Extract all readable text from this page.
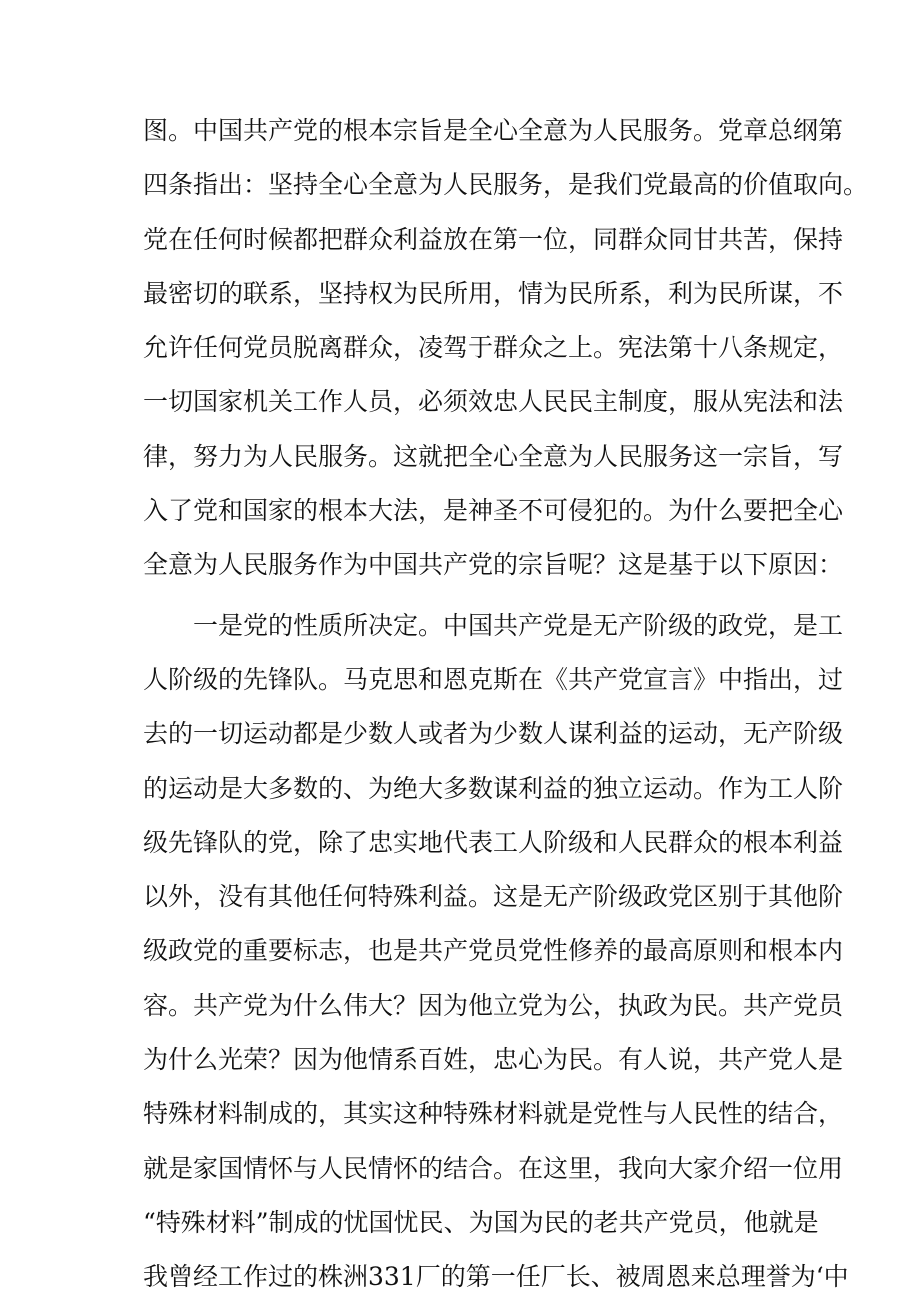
图。中国共产党的根本宗旨是全心全意为人民服务。党章总纲第
四条指出：坚持全心全意为人民服务，是我们党最高的价值取向。
党在任何时候都把群众利益放在第一位，同群众同甘共苦，保持
最密切的联系，坚持权为民所用，情为民所系，利为民所谋，不
允许任何党员脱离群众，凌驾于群众之上。宪法第十八条规定，
一切国家机关工作人员，必须效忠人民民主制度，服从宪法和法
律，努力为人民服务。这就把全心全意为人民服务这一宗旨，写
入了党和国家的根本大法，是神圣不可侵犯的。为什么要把全心
全意为人民服务作为中国共产党的宗旨呢？这是基于以下原因：
　　一是党的性质所决定。中国共产党是无产阶级的政党，是工
人阶级的先锋队。马克思和恩克斯在《共产党宣言》中指出，过
去的一切运动都是少数人或者为少数人谋利益的运动，无产阶级
的运动是大多数的、为绝大多数谋利益的独立运动。作为工人阶
级先锋队的党，除了忠实地代表工人阶级和人民群众的根本利益
以外，没有其他任何特殊利益。这是无产阶级政党区别于其他阶
级政党的重要标志，也是共产党员党性修养的最高原则和根本内
容。共产党为什么伟大？因为他立党为公，执政为民。共产党员
为什么光荣？因为他情系百姓，忠心为民。有人说，共产党人是
特殊材料制成的，其实这种特殊材料就是党性与人民性的结合，
就是家国情怀与人民情怀的结合。在这里，我向大家介绍一位用
“特殊材料”制成的忧国忧民、为国为民的老共产党员，他就是
我曾经工作过的株洲331厂的第一任厂长、被周恩来总理誉为‘中
